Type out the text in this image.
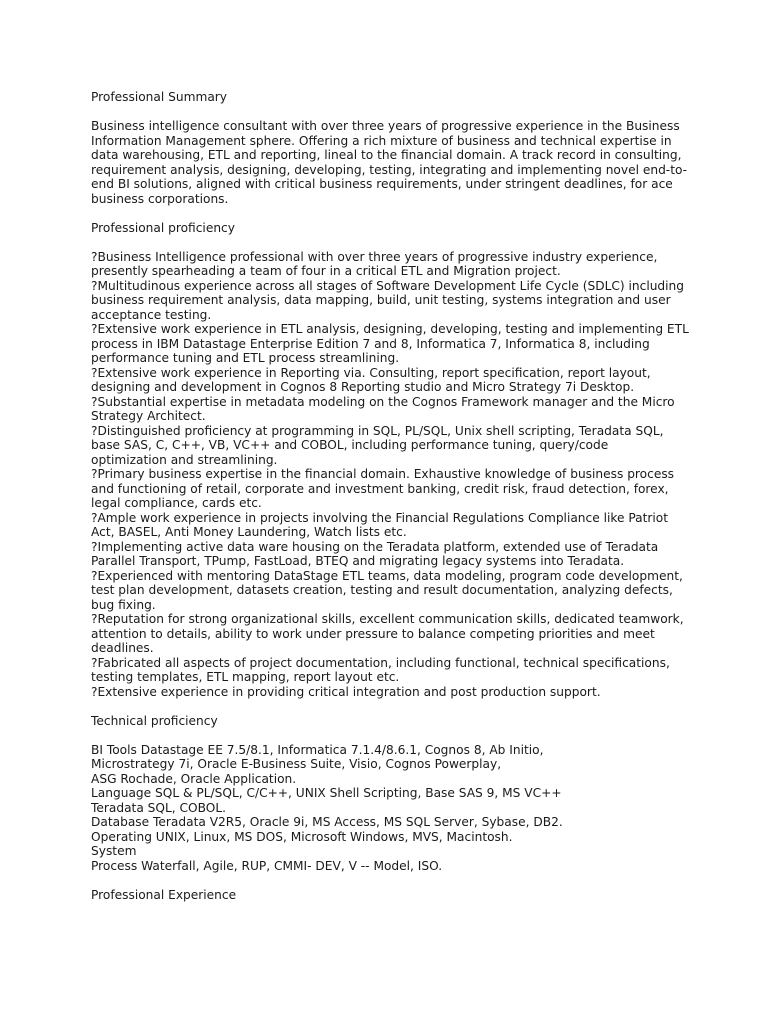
Professional Summary
Business intelligence consultant with over three years of progressive experience in the Business
Information Management sphere. Offering a rich mixture of business and technical expertise in
data warehousing, ETL and reporting, lineal to the financial domain. A track record in consulting,
requirement analysis, designing, developing, testing, integrating and implementing novel end-to-
end BI solutions, aligned with critical business requirements, under stringent deadlines, for ace
business corporations.
Professional proficiency
?Business Intelligence professional with over three years of progressive industry experience,
presently spearheading a team of four in a critical ETL and Migration project.
?Multitudinous experience across all stages of Software Development Life Cycle (SDLC) including
business requirement analysis, data mapping, build, unit testing, systems integration and user
acceptance testing.
?Extensive work experience in ETL analysis, designing, developing, testing and implementing ETL
process in IBM Datastage Enterprise Edition 7 and 8, Informatica 7, Informatica 8, including
performance tuning and ETL process streamlining.
?Extensive work experience in Reporting via. Consulting, report specification, report layout,
designing and development in Cognos 8 Reporting studio and Micro Strategy 7i Desktop.
?Substantial expertise in metadata modeling on the Cognos Framework manager and the Micro
Strategy Architect.
?Distinguished proficiency at programming in SQL, PL/SQL, Unix shell scripting, Teradata SQL,
base SAS, C, C++, VB, VC++ and COBOL, including performance tuning, query/code
optimization and streamlining.
?Primary business expertise in the financial domain. Exhaustive knowledge of business process
and functioning of retail, corporate and investment banking, credit risk, fraud detection, forex,
legal compliance, cards etc.
?Ample work experience in projects involving the Financial Regulations Compliance like Patriot
Act, BASEL, Anti Money Laundering, Watch lists etc.
?Implementing active data ware housing on the Teradata platform, extended use of Teradata
Parallel Transport, TPump, FastLoad, BTEQ and migrating legacy systems into Teradata.
?Experienced with mentoring DataStage ETL teams, data modeling, program code development,
test plan development, datasets creation, testing and result documentation, analyzing defects,
bug fixing.
?Reputation for strong organizational skills, excellent communication skills, dedicated teamwork,
attention to details, ability to work under pressure to balance competing priorities and meet
deadlines.
?Fabricated all aspects of project documentation, including functional, technical specifications,
testing templates, ETL mapping, report layout etc.
?Extensive experience in providing critical integration and post production support.
Technical proficiency
BI Tools Datastage EE 7.5/8.1, Informatica 7.1.4/8.6.1, Cognos 8, Ab Initio,
Microstrategy 7i, Oracle E-Business Suite, Visio, Cognos Powerplay,
ASG Rochade, Oracle Application.
Language SQL & PL/SQL, C/C++, UNIX Shell Scripting, Base SAS 9, MS VC++
Teradata SQL, COBOL.
Database Teradata V2R5, Oracle 9i, MS Access, MS SQL Server, Sybase, DB2.
Operating UNIX, Linux, MS DOS, Microsoft Windows, MVS, Macintosh.
System
Process Waterfall, Agile, RUP, CMMI- DEV, V -- Model, ISO.
Professional Experience
